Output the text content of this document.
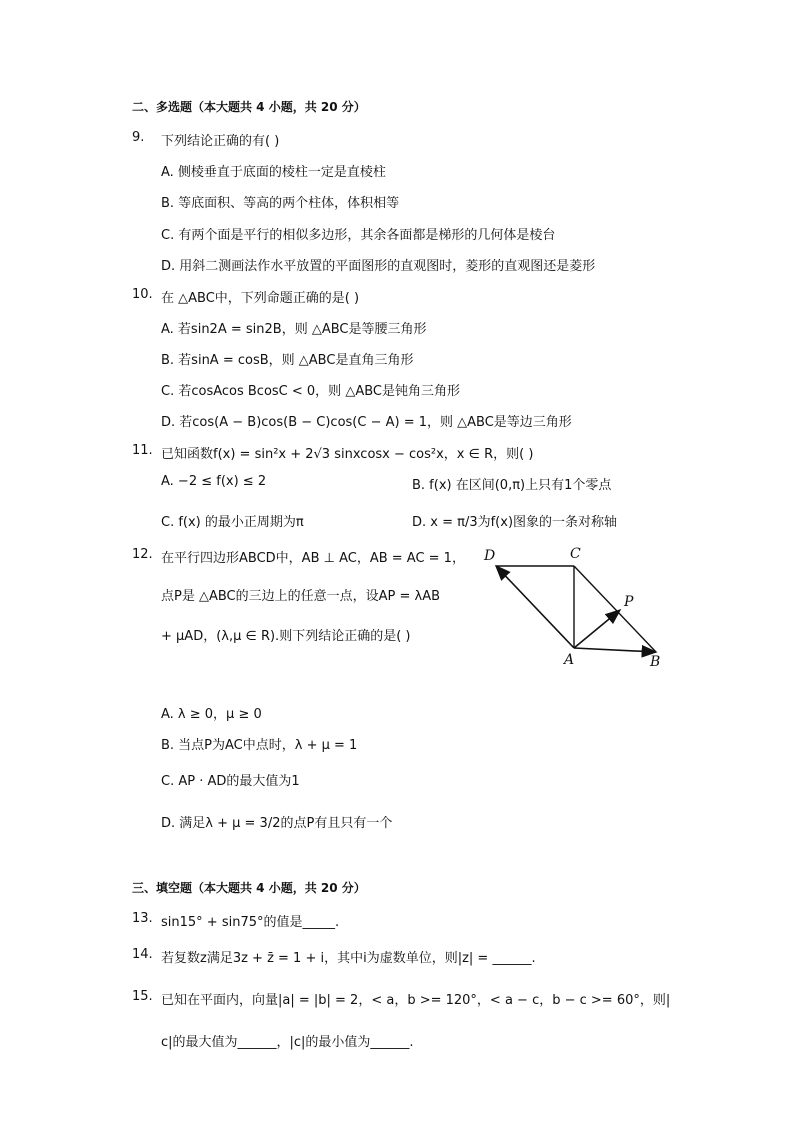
二、多选题（本大题共 4 小题，共 20 分）
9. 下列结论正确的有( )
A. 侧棱垂直于底面的棱柱一定是直棱柱
B. 等底面积、等高的两个柱体，体积相等
C. 有两个面是平行的相似多边形，其余各面都是梯形的几何体是棱台
D. 用斜二测画法作水平放置的平面图形的直观图时，菱形的直观图还是菱形
10. 在 △ABC中，下列命题正确的是( )
A. 若sin2A = sin2B，则 △ABC是等腰三角形
B. 若sinA = cosB，则 △ABC是直角三角形
C. 若cosAcos BcosC < 0，则 △ABC是钝角三角形
D. 若cos(A − B)cos(B − C)cos(C − A) = 1，则 △ABC是等边三角形
11. 已知函数f(x) = sin²x + 2√3 sinxcosx − cos²x，x ∈ R，则( )
A. −2 ≤ f(x) ≤ 2	B. f(x) 在区间(0,π)上只有1个零点
C. f(x) 的最小正周期为π	D. x = π/3为f(x)图象的一条对称轴
12. 在平行四边形ABCD中，AB ⊥ AC，AB = AC = 1，
点P是 △ABC的三边上的任意一点，设AP = λAB
+ μAD，(λ,μ ∈ R).则下列结论正确的是( )
D	C
P
A	B
A. λ ≥ 0，μ ≥ 0
B. 当点P为AC中点时，λ + μ = 1
C. AP · AD的最大值为1
D. 满足λ + μ = 3/2的点P有且只有一个
三、填空题（本大题共 4 小题，共 20 分）
13. sin15° + sin75°的值是_____.
14. 若复数z满足3z + z̄ = 1 + i，其中i为虚数单位，则|z| = ______.
15. 已知在平面内，向量|a| = |b| = 2，< a，b >= 120°，< a − c，b − c >= 60°，则|
c|的最大值为______，|c|的最小值为______.
